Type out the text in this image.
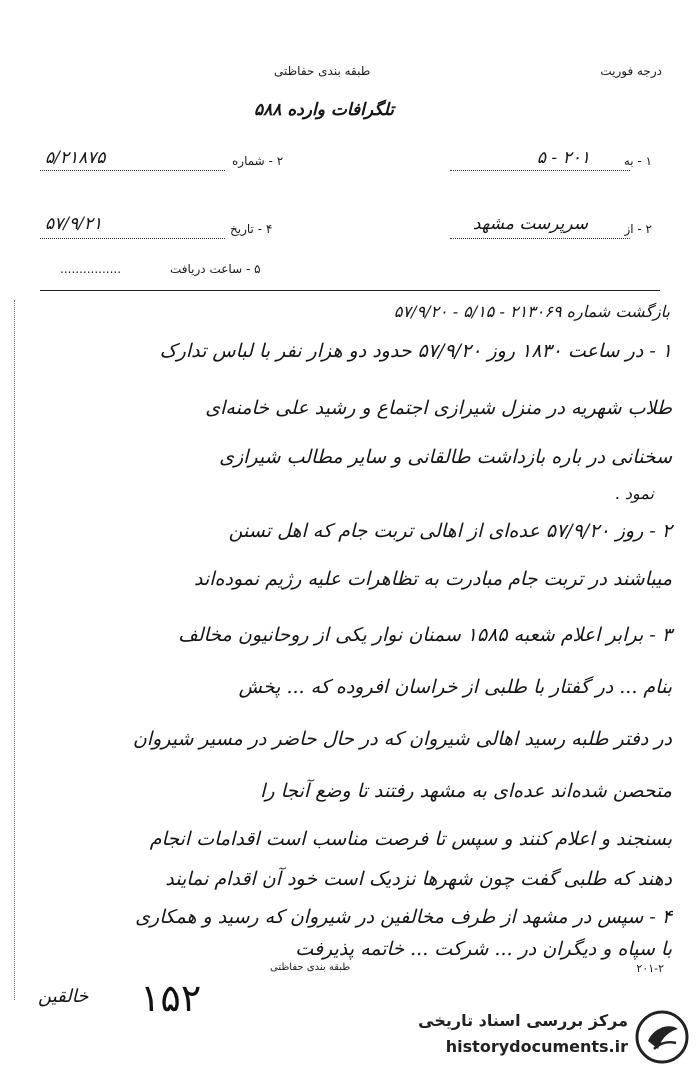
درجه فوریت
طبقه بندی حفاظتی
تلگرافات وارده ۵۸۸
۱ - به
۲۰۱ - ۵
۲ - شماره
۵/۲۱۸۷۵
۲ - از
سرپرست مشهد
۴ - تاریخ
۵۷/۹/۲۱
۵ - ساعت دریافت
................
بازگشت شماره ۲۱۳۰۶۹ - ۵/۱۵ - ۵۷/۹/۲۰
۱ - در ساعت ۱۸۳۰ روز ۵۷/۹/۲۰ حدود دو هزار نفر با لباس تدارک
طلاب شهریه در منزل شیرازی اجتماع و رشید علی خامنه‌ای
سخنانی در باره بازداشت طالقانی و سایر مطالب شیرازی
نمود .
۲ - روز ۵۷/۹/۲۰ عده‌ای از اهالی تربت جام که اهل تسنن
میباشند در تربت جام مبادرت به تظاهرات علیه رژیم نموده‌اند
۳ - برابر اعلام شعبه ۱۵۸۵ سمنان نوار یکی از روحانیون مخالف
بنام ... در گفتار با طلبی از خراسان افروده که ... پخش
در دفتر طلبه رسید اهالی شیروان که در حال حاضر در مسیر شیروان
متحصن شده‌اند عده‌ای به مشهد رفتند تا وضع آنجا را
بسنجند و اعلام کنند و سپس تا فرصت مناسب است اقدامات انجام
دهند که طلبی گفت چون شهرها نزدیک است خود آن اقدام نمایند
۴ - سپس در مشهد از طرف مخالفین در شیروان که رسید و همکاری
با سپاه و دیگران در ... شرکت ... خاتمه پذیرفت
طبقه بندی حفاظتی	۲۰۱-۲
خالقین ۱۵۲
مرکز بررسی اسناد تاریخی
historydocuments.ir
